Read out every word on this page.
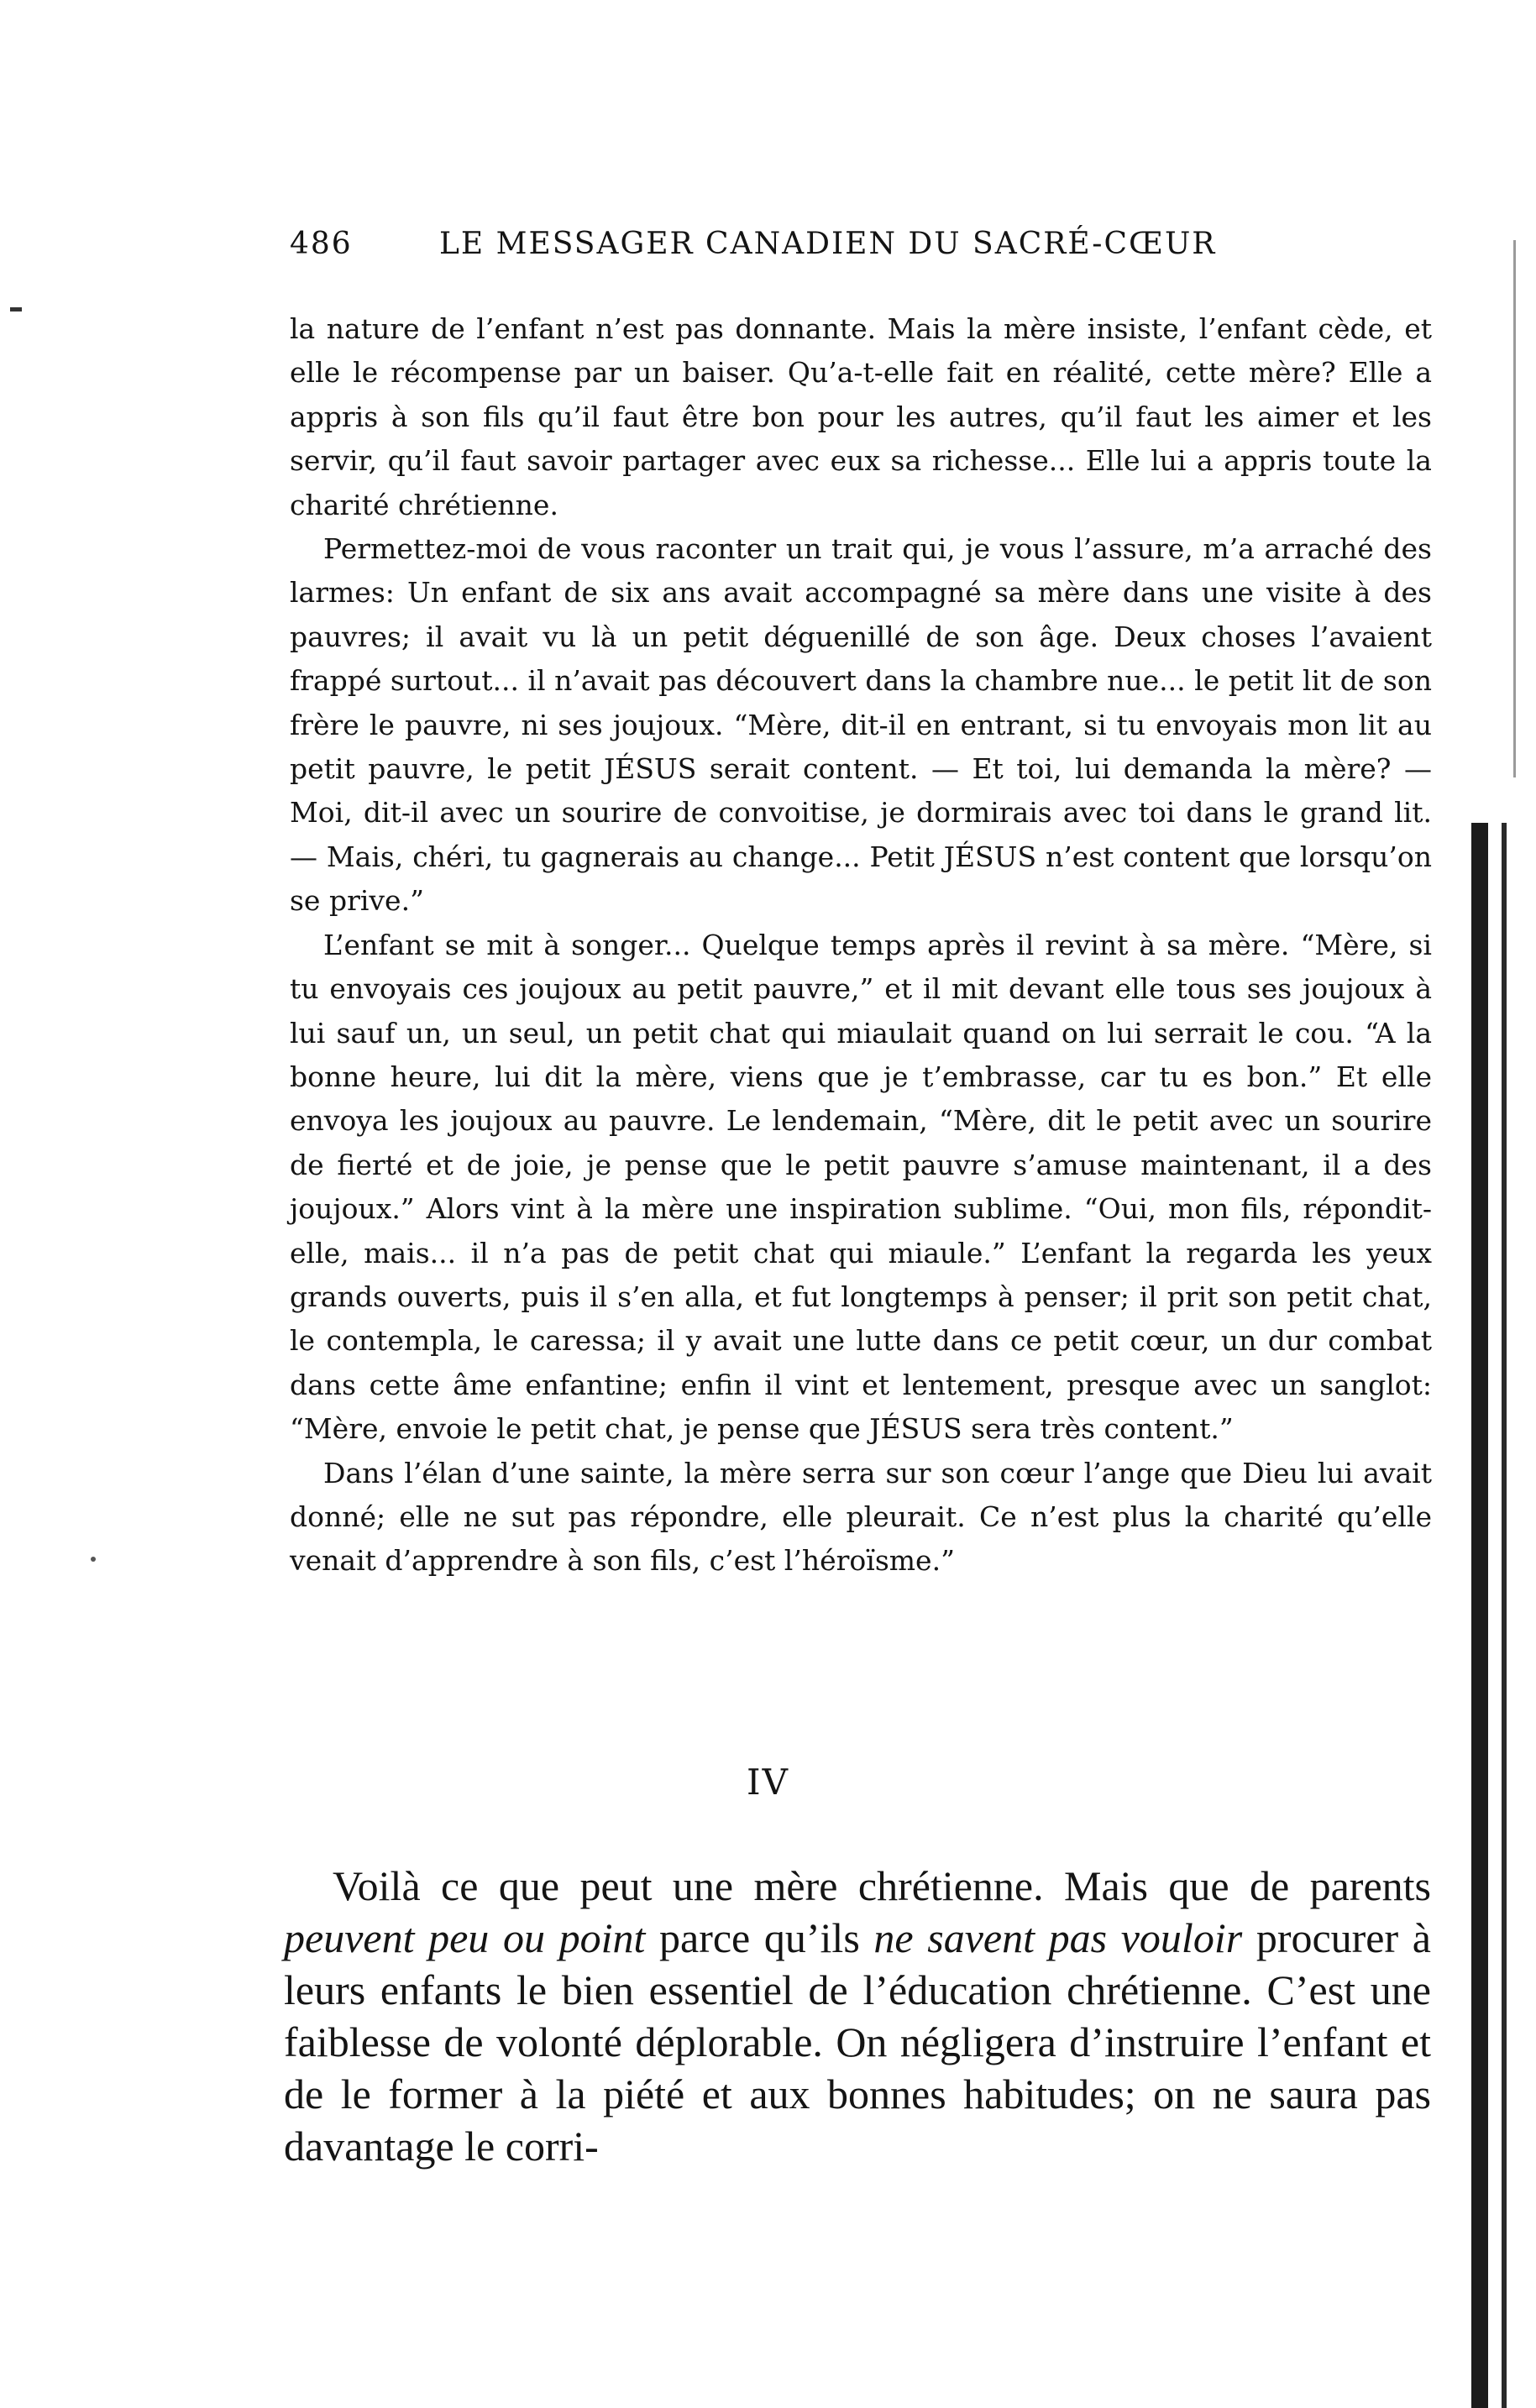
486	LE MESSAGER CANADIEN DU SACRÉ-CŒUR

la nature de l’enfant n’est pas donnante. Mais la mère insiste, l’enfant cède, et elle le récompense par un baiser. Qu’a-t-elle fait en réalité, cette mère? Elle a appris à son fils qu’il faut être bon pour les autres, qu’il faut les aimer et les servir, qu’il faut savoir partager avec eux sa richesse... Elle lui a appris toute la charité chrétienne.

Permettez-moi de vous raconter un trait qui, je vous l’assure, m’a arraché des larmes: Un enfant de six ans avait accompagné sa mère dans une visite à des pauvres; il avait vu là un petit déguenillé de son âge. Deux choses l’avaient frappé surtout... il n’avait pas découvert dans la chambre nue... le petit lit de son frère le pauvre, ni ses joujoux. “Mère, dit-il en entrant, si tu envoyais mon lit au petit pauvre, le petit JÉSUS serait content. — Et toi, lui demanda la mère? — Moi, dit-il avec un sourire de convoitise, je dormirais avec toi dans le grand lit. — Mais, chéri, tu gagnerais au change... Petit JÉSUS n’est content que lorsqu’on se prive.”

L’enfant se mit à songer... Quelque temps après il revint à sa mère. “Mère, si tu envoyais ces joujoux au petit pauvre,” et il mit devant elle tous ses joujoux à lui sauf un, un seul, un petit chat qui miaulait quand on lui serrait le cou. “A la bonne heure, lui dit la mère, viens que je t’embrasse, car tu es bon.” Et elle envoya les joujoux au pauvre. Le lendemain, “Mère, dit le petit avec un sourire de fierté et de joie, je pense que le petit pauvre s’amuse maintenant, il a des joujoux.” Alors vint à la mère une inspiration sublime. “Oui, mon fils, répondit-elle, mais... il n’a pas de petit chat qui miaule.” L’enfant la regarda les yeux grands ouverts, puis il s’en alla, et fut longtemps à penser; il prit son petit chat, le contempla, le caressa; il y avait une lutte dans ce petit cœur, un dur combat dans cette âme enfantine; enfin il vint et lentement, presque avec un sanglot: “Mère, envoie le petit chat, je pense que JÉSUS sera très content.”

Dans l’élan d’une sainte, la mère serra sur son cœur l’ange que Dieu lui avait donné; elle ne sut pas répondre, elle pleurait. Ce n’est plus la charité qu’elle venait d’apprendre à son fils, c’est l’héroïsme.”

IV

Voilà ce que peut une mère chrétienne. Mais que de parents peuvent peu ou point parce qu’ils ne savent pas vouloir procurer à leurs enfants le bien essentiel de l’éducation chrétienne. C’est une faiblesse de volonté déplorable. On négligera d’instruire l’enfant et de le former à la piété et aux bonnes habitudes; on ne saura pas davantage le corri-
